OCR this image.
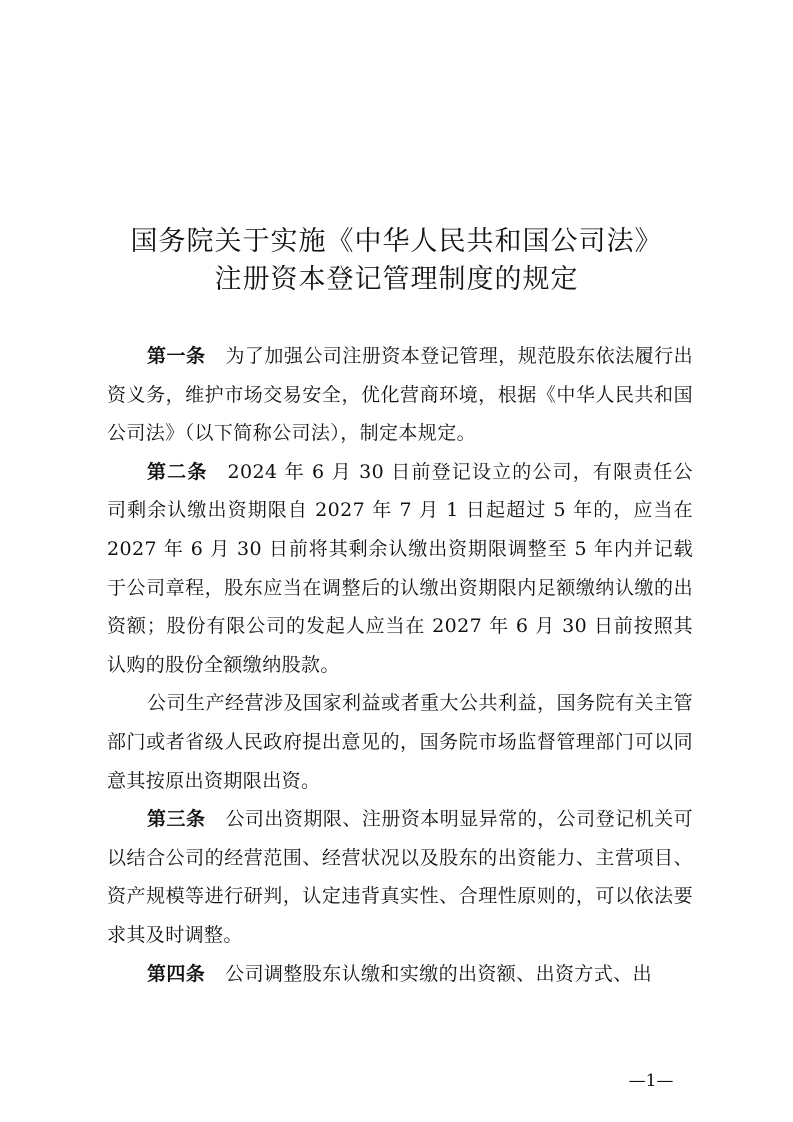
国务院关于实施《中华人民共和国公司法》
注册资本登记管理制度的规定

第一条 为了加强公司注册资本登记管理，规范股东依法履行出资义务，维护市场交易安全，优化营商环境，根据《中华人民共和国公司法》（以下简称公司法），制定本规定。

第二条 2024 年 6 月 30 日前登记设立的公司，有限责任公司剩余认缴出资期限自 2027 年 7 月 1 日起超过 5 年的，应当在 2027 年 6 月 30 日前将其剩余认缴出资期限调整至 5 年内并记载于公司章程，股东应当在调整后的认缴出资期限内足额缴纳认缴的出资额；股份有限公司的发起人应当在 2027 年 6 月 30 日前按照其认购的股份全额缴纳股款。

公司生产经营涉及国家利益或者重大公共利益，国务院有关主管部门或者省级人民政府提出意见的，国务院市场监督管理部门可以同意其按原出资期限出资。

第三条 公司出资期限、注册资本明显异常的，公司登记机关可以结合公司的经营范围、经营状况以及股东的出资能力、主营项目、资产规模等进行研判，认定违背真实性、合理性原则的，可以依法要求其及时调整。

第四条 公司调整股东认缴和实缴的出资额、出资方式、出

—1—
